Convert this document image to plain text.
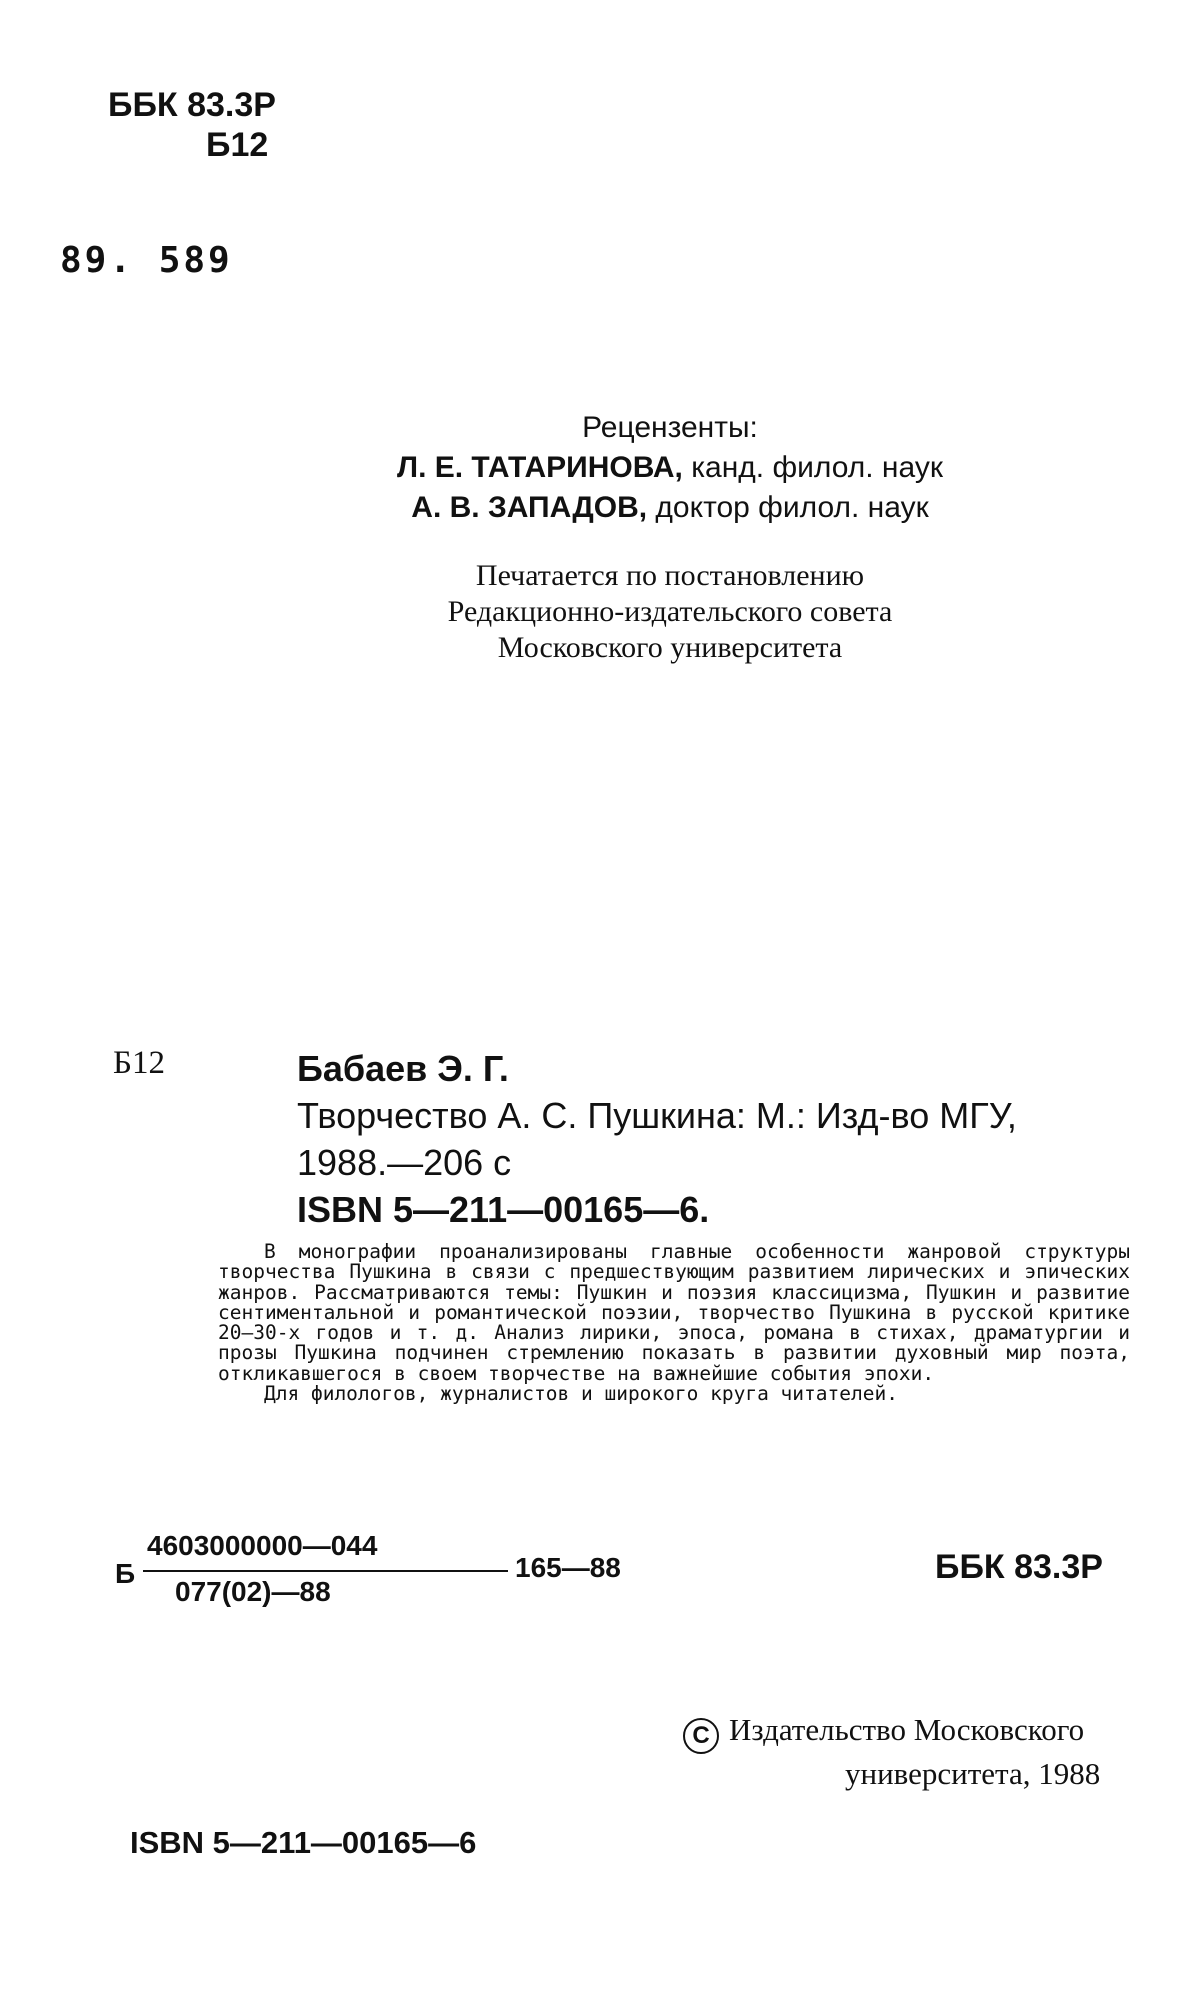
ББК 83.3Р
Б12
89. 589
Рецензенты:
Л. Е. ТАТАРИНОВА, канд. филол. наук
А. В. ЗАПАДОВ, доктор филол. наук
Печатается по постановлению
Редакционно-издательского совета
Московского университета
Б12	Бабаев Э. Г.
Творчество А. С. Пушкина: М.: Изд-во МГУ,
1988.—206 с
ISBN 5—211—00165—6.
В монографии проанализированы главные особенности жанровой структуры творчества Пушкина в связи с предшествующим развитием лирических и эпических жанров. Рассматриваются темы: Пушкин и поэзия классицизма, Пушкин и развитие сентиментальной и романтической поэзии, творчество Пушкина в русской критике 20—30-х годов и т. д. Анализ лирики, эпоса, романа в стихах, драматургии и прозы Пушкина подчинен стремлению показать в развитии духовный мир поэта, откликавшегося в своем творчестве на важнейшие события эпохи.
Для филологов, журналистов и широкого круга читателей.
Б
4603000000—044
077(02)—88
165—88	ББК 83.3Р
C Издательство Московского
университета, 1988
ISBN 5—211—00165—6
